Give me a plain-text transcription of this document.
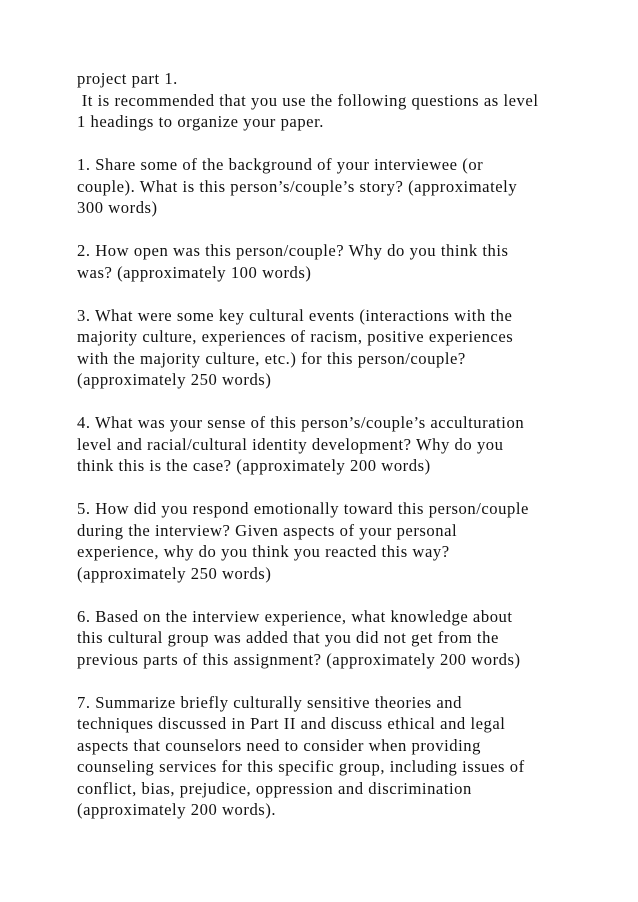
project part 1.
It is recommended that you use the following questions as level
1 headings to organize your paper.
1. Share some of the background of your interviewee (or
couple). What is this person’s/couple’s story? (approximately
300 words)
2. How open was this person/couple? Why do you think this
was? (approximately 100 words)
3. What were some key cultural events (interactions with the
majority culture, experiences of racism, positive experiences
with the majority culture, etc.) for this person/couple?
(approximately 250 words)
4. What was your sense of this person’s/couple’s acculturation
level and racial/cultural identity development? Why do you
think this is the case? (approximately 200 words)
5. How did you respond emotionally toward this person/couple
during the interview? Given aspects of your personal
experience, why do you think you reacted this way?
(approximately 250 words)
6. Based on the interview experience, what knowledge about
this cultural group was added that you did not get from the
previous parts of this assignment? (approximately 200 words)
7. Summarize briefly culturally sensitive theories and
techniques discussed in Part II and discuss ethical and legal
aspects that counselors need to consider when providing
counseling services for this specific group, including issues of
conflict, bias, prejudice, oppression and discrimination
(approximately 200 words).
